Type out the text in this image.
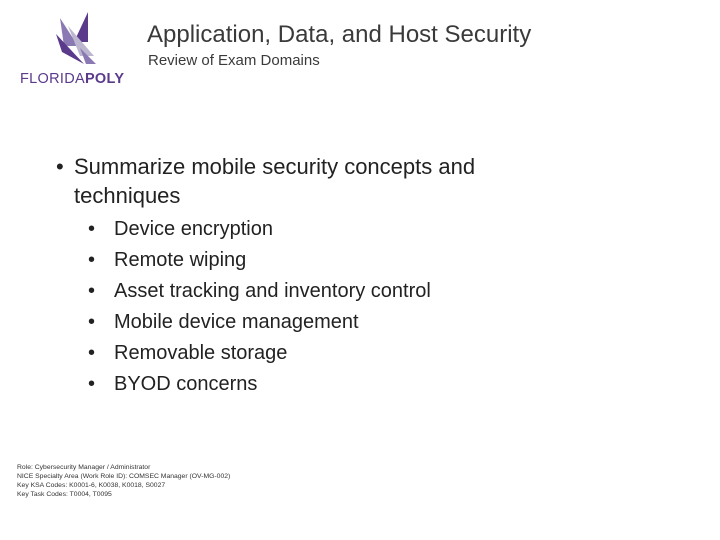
FLORIDAPOLY
Application, Data, and Host Security
Review of Exam Domains
• Summarize mobile security concepts and techniques
• Device encryption
• Remote wiping
• Asset tracking and inventory control
• Mobile device management
• Removable storage
• BYOD concerns
Role: Cybersecurity Manager / Administrator
NICE Specialty Area (Work Role ID): COMSEC Manager (OV-MG-002)
Key KSA Codes: K0001-6, K0038, K0018, S0027
Key Task Codes: T0004, T0095
